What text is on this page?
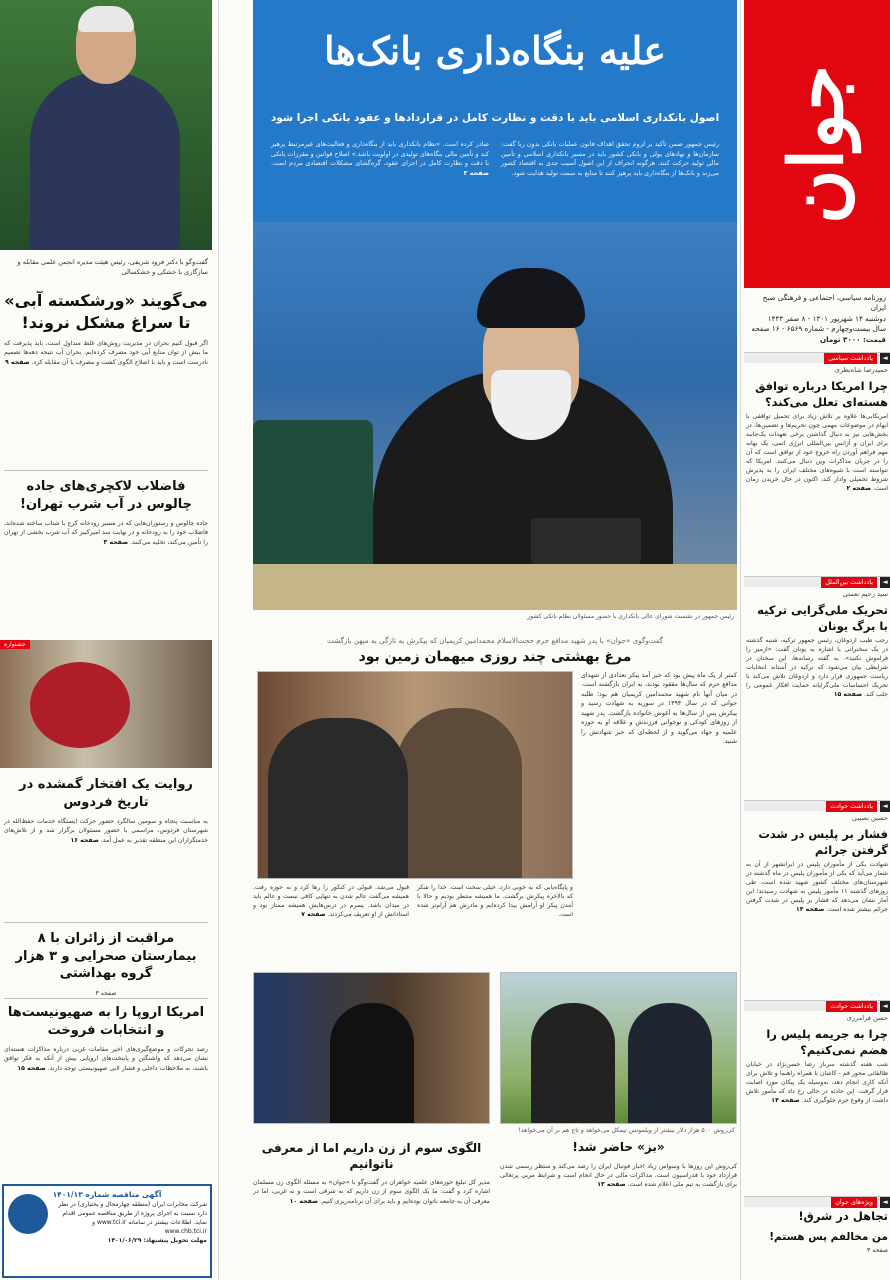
جوان
روزنامه سیاسی، اجتماعی و فرهنگی صبح ایران
دوشنبه ۱۴ شهریور ۱۴۰۱ - ۸ صفر ۱۴۴۴
سال بیست‌وچهارم - شماره ۶۵۶۹ - ۱۶ صفحه
قیمت: ۳۰۰۰ تومان
◄
یادداشت سیاسی
حمیدرضا شاه‌نظری
چرا امریکا درباره توافق هسته‌ای تعلل می‌کند؟
امریکایی‌ها علاوه بر تلاش زیاد برای تحمیل توافقی با ابهام در موضوعات مهمی چون تحریم‌ها و تضمین‌ها، در بخش‌هایی نیز به دنبال گذاشتن برخی تعهدات یک‌جانبه برای ایران و آژانس بین‌المللی انرژی اتمی، یک بهانه مهم فراهم آوردن راه خروج خود از توافق است که آن را در جریان مذاکرات وین دنبال می‌کنند. امریکا که نتواسته است با شیوه‌های مختلف ایران را به پذیرش شروط تحمیلی وادار کند، اکنون در حال خریدن زمان است. صفحه ۲
◄
یادداشت بین‌الملل
سید رحیم نعمتی
تحریک ملی‌گرایی ترکیه با برگ یونان
رجب طیب اردوغان، رئیس جمهور ترکیه، شنبه گذشته در یک سخنرانی با اشاره به یونان گفت: «ازمیر را فراموش نکنید». به گفته رسانه‌ها، این سخنان در شرایطی بیان می‌شود که ترکیه در آستانه انتخابات ریاست جمهوری قرار دارد و اردوغان تلاش می‌کند با تحریک احساسات ملی‌گرایانه حمایت افکار عمومی را جلب کند. صفحه ۱۵
◄
یادداشت حوادث
حسین نصیبی
فشار بر پلیس در شدت گرفتن جرائم
شهادت یکی از مأموران پلیس در ایرانشهر از آن به شمار می‌آید که یکی از مأموران پلیس در ماه گذشته در شهرستان‌های مختلف کشور شهید شده است. طی روزهای گذشته ۱۱ مأمور پلیس به شهادت رسیدند؛ این آمار نشان می‌دهد که فشار بر پلیس در شدت گرفتن جرائم بیشتر شده است. صفحه ۱۴
◄
یادداشت حوادث
حسن فرامرزی
چرا به جریمه پلیس را هضم نمی‌کنیم؟
شب هفته گذشته سرباز رضا حسن‌نژاد در خیابان طالقانی محور قم - کاشان با همراه راهنما و تلاش برای آنکه کاری انجام دهد، به‌وسیله یک پیکان مورد اصابت قرار گرفت. این حادثه در حالی رخ داد که مأمور تلاش داشت از وقوع جرم جلوگیری کند. صفحه ۱۴
◄
ویژه‌های جوان
تجاهل در شرق!
من مخالفم پس هستم!
صفحه ۳
علیه بنگاه‌داری بانک‌ها
اصول بانکداری اسلامی باید با دقت و نظارت کامل در قراردادها و عقود بانکی اجرا شود

رئیس جمهور ضمن تأکید بر لزوم تحقق اهداف قانون عملیات بانکی بدون ربا گفت: سازمان‌ها و نهادهای پولی و بانکی کشور باید در مسیر بانکداری اسلامی و تأمین مالی تولید حرکت کنند. هرگونه انحراف از این اصول آسیب جدی به اقتصاد کشور می‌زند و بانک‌ها از بنگاه‌داری باید پرهیز کنند تا منابع به سمت تولید هدایت شود.

صادر کرده است. «نظام بانکداری باید از بنگاه‌داری و فعالیت‌های غیرمرتبط پرهیز کند و تأمین مالی بنگاه‌های تولیدی در اولویت باشد.» اصلاح قوانین و مقررات بانکی با دقت و نظارت کامل در اجرای عقود، گره‌گشای مشکلات اقتصادی مردم است. صفحه ۲

رئیس جمهور در نشست شورای عالی بانکداری با حضور مسئولان نظام بانکی کشور
گفت‌وگوی «جوان» با پدر شهید مدافع حرم حجت‌الاسلام محمدامین کریمیان که پیکرش به تازگی به میهن بازگشت
مرغ بهشتی چند روزی میهمان زمین بود
کمتر از یک ماه پیش بود که خبر آمد پیکر تعدادی از شهدای مدافع حرم که سال‌ها مفقود بودند، به ایران بازگشته است. در میان آنها نام شهید محمدامین کریمیان هم بود؛ طلبه جوانی که در سال ۱۳۹۴ در سوریه به شهادت رسید و پیکرش پس از سال‌ها به آغوش خانواده بازگشت. پدر شهید از روزهای کودکی و نوجوانی فرزندش و علاقه او به حوزه علمیه و جهاد می‌گوید و از لحظه‌ای که خبر شهادتش را شنید.

و پایگاه‌یابی که به خوبی دارد، خیلی سخت است. خدا را شکر که بالاخره پیکرش برگشت. ما همیشه منتظر بودیم و حالا با آمدن پیکر او آرامش پیدا کرده‌ایم و مادرش هم آرام‌تر شده است.

قبول می‌شد. قبولی در کنکور را رها کرد و به حوزه رفت. همیشه می‌گفت عالم شدن به تنهایی کافی نیست و عالم باید در میدان باشد. پسرم در درس‌هایش همیشه ممتاز بود و استادانش از او تعریف می‌کردند. صفحه ۷

کی‌روش ۵۰۰ هزار دلار بیشتر از ویلموتس تیمکل می‌خواهد و تاج هم بر آن می‌خواهد!
«بز» حاضر شد!
کی‌روش این روزها با وسواس زیاد اخبار فوتبال ایران را رصد می‌کند و منتظر رسمی شدن قرارداد خود با فدراسیون است. مذاکرات مالی در حال انجام است و شرایط مربی پرتغالی برای بازگشت به تیم ملی اعلام شده است. صفحه ۱۳
الگوی سوم از زن داریم اما از معرفی ناتوانیم
مدیر کل تبلیغ حوزه‌های علمیه خواهران در گفت‌وگو با «جوان» به مسئله الگوی زن مسلمان اشاره کرد و گفت: ما یک الگوی سوم از زن داریم که نه شرقی است و نه غربی، اما در معرفی آن به جامعه ناتوان بوده‌ایم و باید برای آن برنامه‌ریزی کنیم. صفحه ۱۰
گفت‌وگو با دکتر فرود شریفی، رئیس هیئت مدیره انجمن علمی مقابله و سازگاری با خشکی و خشکسالی
می‌گویند «ورشکسته آبی» تا سراغ مشکل نروند!
اگر قبول کنیم بحران در مدیریت روش‌های غلط متداول است، باید پذیرفت که ما بیش از توان منابع آبی خود مصرف کرده‌ایم. بحران آب نتیجه دهه‌ها تصمیم نادرست است و باید با اصلاح الگوی کشت و مصرف با آن مقابله کرد. صفحه ۹
فاضلاب لاکچری‌های جاده چالوس در آب شرب تهران!
جاده چالوس و رستوران‌هایی که در مسیر رودخانه کرج با شتاب ساخته شده‌اند، فاضلاب خود را به رودخانه و در نهایت سد امیرکبیر که آب شرب بخشی از تهران را تأمین می‌کند، تخلیه می‌کنند. صفحه ۳
جشنواره
روایت یک افتخار گمشده در تاریخ فردوس
به مناسبت پنجاه و سومین سالگرد حضور حرکت ایستگاه خدمات حفظ‌الله در شهرستان فردوس، مراسمی با حضور مسئولان برگزار شد و از تلاش‌های خدمتگزاران این منطقه تقدیر به عمل آمد. صفحه ۱۶
مراقبت از زائران با ۸ بیمارستان صحرایی و ۳ هزار گروه بهداشتی
صفحه ۳
امریکا اروپا را به صهیونیست‌ها و انتخابات فروخت
رصد تحرکات و موضع‌گیری‌های اخیر مقامات غربی درباره مذاکرات هسته‌ای نشان می‌دهد که واشنگتن و پایتخت‌های اروپایی بیش از آنکه به فکر توافق باشند، به ملاحظات داخلی و فشار لابی صهیونیستی توجه دارند. صفحه ۱۵
آگهی مناقصه شماره ۱۴۰۱/۱۳
شرکت مخابرات ایران (منطقه چهارمحال و بختیاری) در نظر دارد نسبت به اجرای پروژه از طریق مناقصه عمومی اقدام نماید. اطلاعات بیشتر در سامانه www.tci.ir و www.chb.tci.ir
مهلت تحویل پیشنهاد: ۱۴۰۱/۰۶/۲۹
